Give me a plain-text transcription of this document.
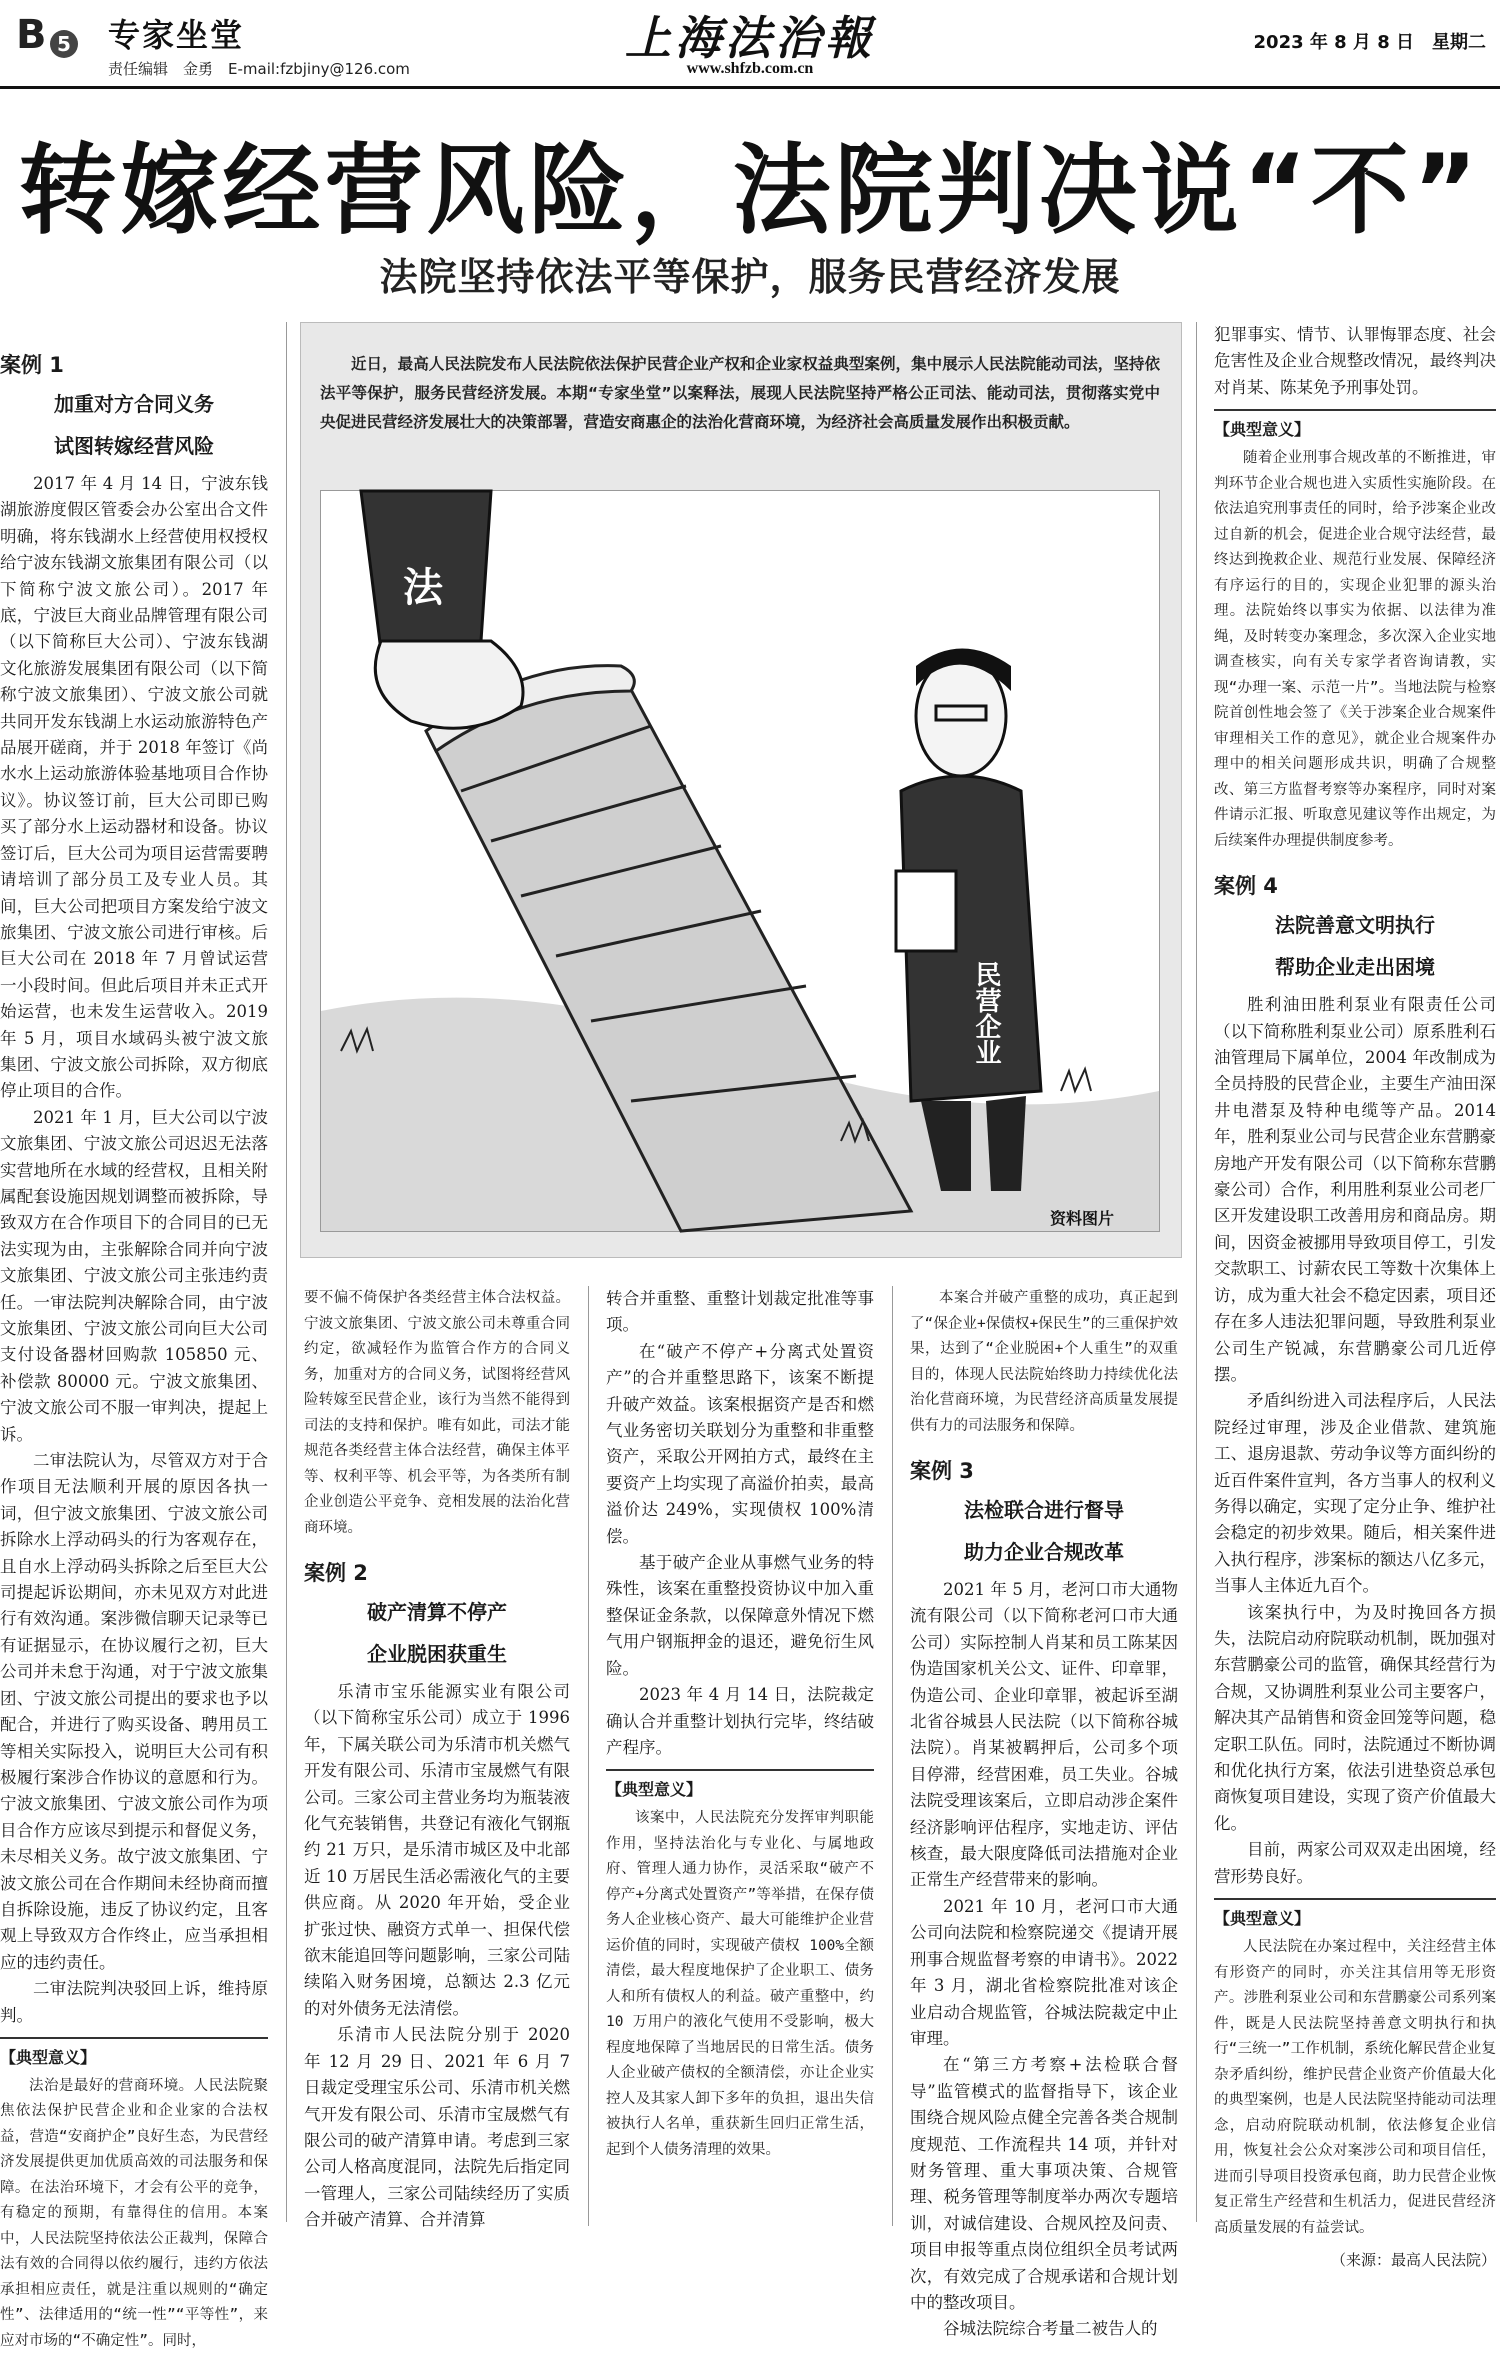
B 5 专家坐堂
责任编辑　金勇　E-mail:fzbjiny@126.com
上海法治報
www.shfzb.com.cn
2023 年 8 月 8 日　星期二
转嫁经营风险，法院判决说“不”
法院坚持依法平等保护，服务民营经济发展
案例 1
加重对方合同义务
试图转嫁经营风险

2017 年 4 月 14 日，宁波东钱湖旅游度假区管委会办公室出合文件明确，将东钱湖水上经营使用权授权给宁波东钱湖文旅集团有限公司（以下简称宁波文旅公司）。2017 年底，宁波巨大商业品牌管理有限公司（以下简称巨大公司）、宁波东钱湖文化旅游发展集团有限公司（以下简称宁波文旅集团）、宁波文旅公司就共同开发东钱湖上水运动旅游特色产品展开磋商，并于 2018 年签订《尚水水上运动旅游体验基地项目合作协议》。协议签订前，巨大公司即已购买了部分水上运动器材和设备。协议签订后，巨大公司为项目运营需要聘请培训了部分员工及专业人员。其间，巨大公司把项目方案发给宁波文旅集团、宁波文旅公司进行审核。后巨大公司在 2018 年 7 月曾试运营一小段时间。但此后项目并未正式开始运营，也未发生运营收入。2019 年 5 月，项目水域码头被宁波文旅集团、宁波文旅公司拆除，双方彻底停止项目的合作。

2021 年 1 月，巨大公司以宁波文旅集团、宁波文旅公司迟迟无法落实营地所在水域的经营权，且相关附属配套设施因规划调整而被拆除，导致双方在合作项目下的合同目的已无法实现为由，主张解除合同并向宁波文旅集团、宁波文旅公司主张违约责任。一审法院判决解除合同，由宁波文旅集团、宁波文旅公司向巨大公司支付设备器材回购款 105850 元、补偿款 80000 元。宁波文旅集团、宁波文旅公司不服一审判决，提起上诉。

二审法院认为，尽管双方对于合作项目无法顺利开展的原因各执一词，但宁波文旅集团、宁波文旅公司拆除水上浮动码头的行为客观存在，且自水上浮动码头拆除之后至巨大公司提起诉讼期间，亦未见双方对此进行有效沟通。案涉微信聊天记录等已有证据显示，在协议履行之初，巨大公司并未怠于沟通，对于宁波文旅集团、宁波文旅公司提出的要求也予以配合，并进行了购买设备、聘用员工等相关实际投入，说明巨大公司有积极履行案涉合作协议的意愿和行为。宁波文旅集团、宁波文旅公司作为项目合作方应该尽到提示和督促义务，未尽相关义务。故宁波文旅集团、宁波文旅公司在合作期间未经协商而擅自拆除设施，违反了协议约定，且客观上导致双方合作终止，应当承担相应的违约责任。

二审法院判决驳回上诉，维持原判。

【典型意义】
法治是最好的营商环境。人民法院聚焦依法保护民营企业和企业家的合法权益，营造“安商护企”良好生态，为民营经济发展提供更加优质高效的司法服务和保障。在法治环境下，才会有公平的竞争，有稳定的预期，有靠得住的信用。本案中，人民法院坚持依法公正裁判，保障合法有效的合同得以依约履行，违约方依法承担相应责任，就是注重以规则的“确定性”、法律适用的“统一性”“平等性”，来应对市场的“不确定性”。同时，
近日，最高人民法院发布人民法院依法保护民营企业产权和企业家权益典型案例，集中展示人民法院能动司法，坚持依法平等保护，服务民营经济发展。本期“专家坐堂”以案释法，展现人民法院坚持严格公正司法、能动司法，贯彻落实党中央促进民营经济发展壮大的决策部署，营造安商惠企的法治化营商环境，为经济社会高质量发展作出积极贡献。
法
民营企业
资料图片
要不偏不倚保护各类经营主体合法权益。宁波文旅集团、宁波文旅公司未尊重合同约定，欲减轻作为监管合作方的合同义务，加重对方的合同义务，试图将经营风险转嫁至民营企业，该行为当然不能得到司法的支持和保护。唯有如此，司法才能规范各类经营主体合法经营，确保主体平等、权利平等、机会平等，为各类所有制企业创造公平竞争、竞相发展的法治化营商环境。
案例 2
破产清算不停产
企业脱困获重生

乐清市宝乐能源实业有限公司（以下简称宝乐公司）成立于 1996 年，下属关联公司为乐清市机关燃气开发有限公司、乐清市宝晟燃气有限公司。三家公司主营业务均为瓶装液化气充装销售，共登记有液化气钢瓶约 21 万只，是乐清市城区及中北部近 10 万居民生活必需液化气的主要供应商。从 2020 年开始，受企业扩张过快、融资方式单一、担保代偿欲末能追回等问题影响，三家公司陆续陷入财务困境，总额达 2.3 亿元的对外债务无法清偿。

乐清市人民法院分别于 2020 年 12 月 29 日、2021 年 6 月 7 日裁定受理宝乐公司、乐清市机关燃气开发有限公司、乐清市宝晟燃气有限公司的破产清算申请。考虑到三家公司人格高度混同，法院先后指定同一管理人，三家公司陆续经历了实质合并破产清算、合并清算

转合并重整、重整计划裁定批准等事项。

在“破产不停产+分离式处置资产”的合并重整思路下，该案不断提升破产效益。该案根据资产是否和燃气业务密切关联划分为重整和非重整资产，采取公开网拍方式，最终在主要资产上均实现了高溢价拍卖，最高溢价达 249%，实现债权 100%清偿。

基于破产企业从事燃气业务的特殊性，该案在重整投资协议中加入重整保证金条款，以保障意外情况下燃气用户钢瓶押金的退还，避免衍生风险。

2023 年 4 月 14 日，法院裁定确认合并重整计划执行完毕，终结破产程序。

【典型意义】
该案中，人民法院充分发挥审判职能作用，坚持法治化与专业化、与属地政府、管理人通力协作，灵活采取“破产不停产+分离式处置资产”等举措，在保存债务人企业核心资产、最大可能维护企业营运价值的同时，实现破产债权 100%全额清偿，最大程度地保护了企业职工、债务人和所有债权人的利益。破产重整中，约 10 万用户的液化气使用不受影响，极大程度地保障了当地居民的日常生活。债务人企业破产债权的全额清偿，亦让企业实控人及其家人卸下多年的负担，退出失信被执行人名单，重获新生回归正常生活，起到个人债务清理的效果。
本案合并破产重整的成功，真正起到了“保企业+保债权+保民生”的三重保护效果，达到了“企业脱困+个人重生”的双重目的，体现人民法院始终助力持续优化法治化营商环境，为民营经济高质量发展提供有力的司法服务和保障。
案例 3
法检联合进行督导
助力企业合规改革

2021 年 5 月，老河口市大通物流有限公司（以下简称老河口市大通公司）实际控制人肖某和员工陈某因伪造国家机关公文、证件、印章罪，伪造公司、企业印章罪，被起诉至湖北省谷城县人民法院（以下简称谷城法院）。肖某被羁押后，公司多个项目停滞，经营困难，员工失业。谷城法院受理该案后，立即启动涉企案件经济影响评估程序，实地走访、评估核查，最大限度降低司法措施对企业正常生产经营带来的影响。

2021 年 10 月，老河口市大通公司向法院和检察院递交《提请开展刑事合规监督考察的申请书》。2022 年 3 月，湖北省检察院批准对该企业启动合规监管，谷城法院裁定中止审理。

在“第三方考察+法检联合督导”监管模式的监督指导下，该企业围绕合规风险点健全完善各类合规制度规范、工作流程共 14 项，并针对财务管理、重大事项决策、合规管理、税务管理等制度举办两次专题培训，对诚信建设、合规风控及问责、项目申报等重点岗位组织全员考试两次，有效完成了合规承诺和合规计划中的整改项目。

谷城法院综合考量二被告人的

犯罪事实、情节、认罪悔罪态度、社会危害性及企业合规整改情况，最终判决对肖某、陈某免予刑事处罚。

【典型意义】
随着企业刑事合规改革的不断推进，审判环节企业合规也进入实质性实施阶段。在依法追究刑事责任的同时，给予涉案企业改过自新的机会，促进企业合规守法经营，最终达到挽救企业、规范行业发展、保障经济有序运行的目的，实现企业犯罪的源头治理。法院始终以事实为依据、以法律为准绳，及时转变办案理念，多次深入企业实地调查核实，向有关专家学者咨询请教，实现“办理一案、示范一片”。当地法院与检察院首创性地会签了《关于涉案企业合规案件审理相关工作的意见》，就企业合规案件办理中的相关问题形成共识，明确了合规整改、第三方监督考察等办案程序，同时对案件请示汇报、听取意见建议等作出规定，为后续案件办理提供制度参考。
案例 4
法院善意文明执行
帮助企业走出困境

胜利油田胜利泵业有限责任公司（以下简称胜利泵业公司）原系胜利石油管理局下属单位，2004 年改制成为全员持股的民营企业，主要生产油田深井电潜泵及特种电缆等产品。2014 年，胜利泵业公司与民营企业东营鹏豪房地产开发有限公司（以下简称东营鹏豪公司）合作，利用胜利泵业公司老厂区开发建设职工改善用房和商品房。期间，因资金被挪用导致项目停工，引发交款职工、讨薪农民工等数十次集体上访，成为重大社会不稳定因素，项目还存在多人违法犯罪问题，导致胜利泵业公司生产锐减，东营鹏豪公司几近停摆。

矛盾纠纷进入司法程序后，人民法院经过审理，涉及企业借款、建筑施工、退房退款、劳动争议等方面纠纷的近百件案件宣判，各方当事人的权利义务得以确定，实现了定分止争、维护社会稳定的初步效果。随后，相关案件进入执行程序，涉案标的额达八亿多元，当事人主体近九百个。

该案执行中，为及时挽回各方损失，法院启动府院联动机制，既加强对东营鹏豪公司的监管，确保其经营行为合规，又协调胜利泵业公司主要客户，解决其产品销售和资金回笼等问题，稳定职工队伍。同时，法院通过不断协调和优化执行方案，依法引进垫资总承包商恢复项目建设，实现了资产价值最大化。

目前，两家公司双双走出困境，经营形势良好。

【典型意义】
人民法院在办案过程中，关注经营主体有形资产的同时，亦关注其信用等无形资产。涉胜利泵业公司和东营鹏豪公司系列案件，既是人民法院坚持善意文明执行和执行“三统一”工作机制，系统化解民营企业复杂矛盾纠纷，维护民营企业资产价值最大化的典型案例，也是人民法院坚持能动司法理念，启动府院联动机制，依法修复企业信用，恢复社会公众对案涉公司和项目信任，进而引导项目投资承包商，助力民营企业恢复正常生产经营和生机活力，促进民营经济高质量发展的有益尝试。
（来源：最高人民法院）
